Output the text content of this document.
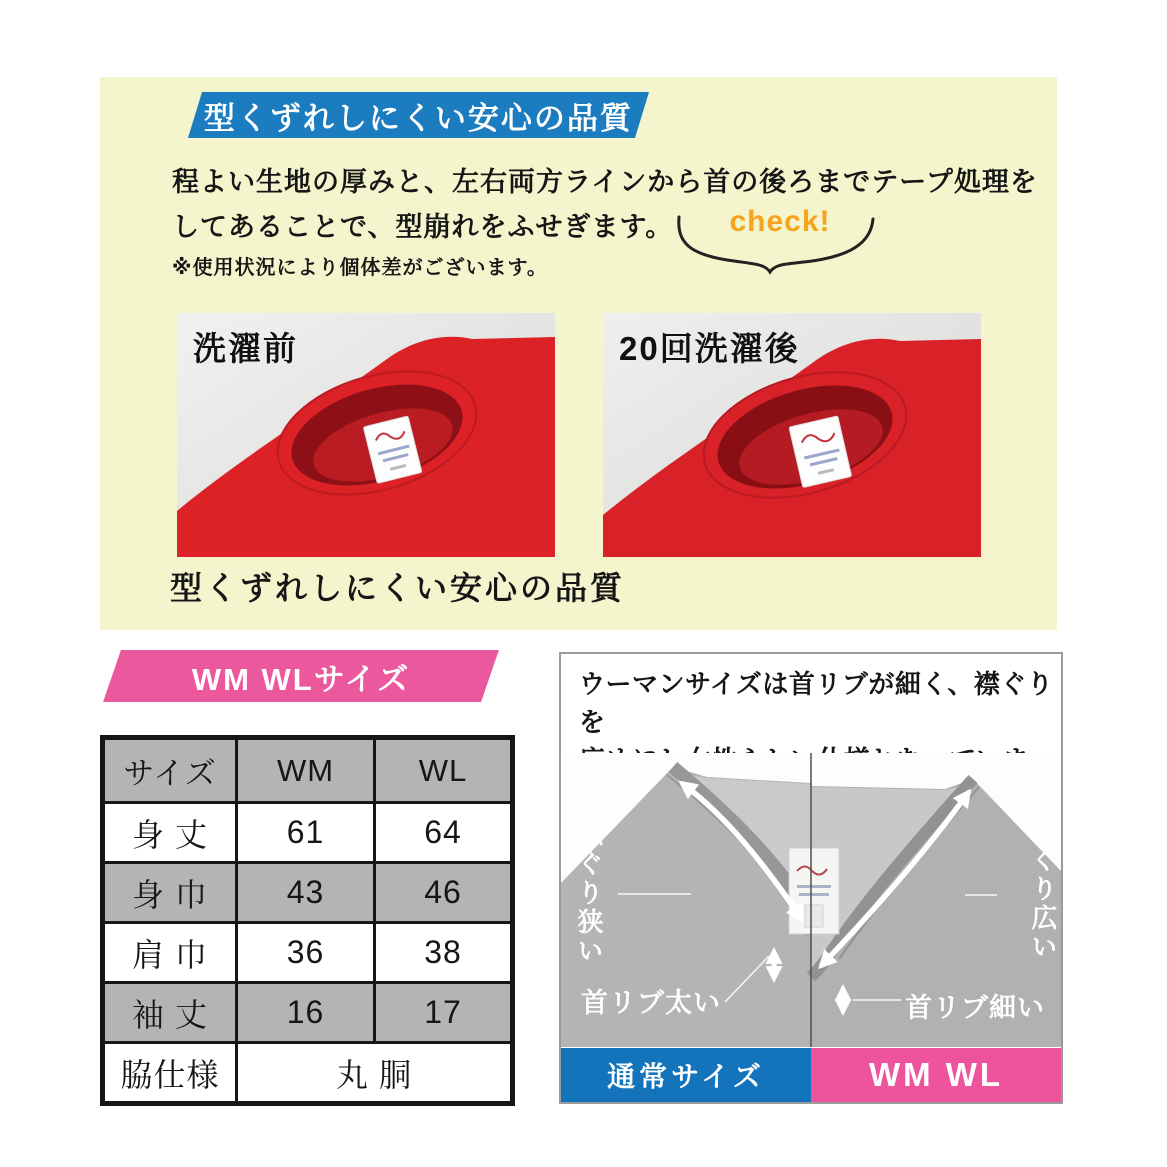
型くずれしにくい安心の品質
程よい生地の厚みと、左右両方ラインから首の後ろまでテープ処理を
してあることで、型崩れをふせぎます。
※使用状況により個体差がございます。
check!
洗濯前	20回洗濯後
型くずれしにくい安心の品質
WM WLサイズ
サイズ	WM	WL
身 丈	61	64
身 巾	43	46
肩 巾	36	38
袖 丈	16	17
脇仕様	丸 胴	
ウーマンサイズは首リブが細く、襟ぐりを
襟ぐり狭い	襟ぐり広い
首リブ太い	首リブ細い
通常サイズ	WM WL
